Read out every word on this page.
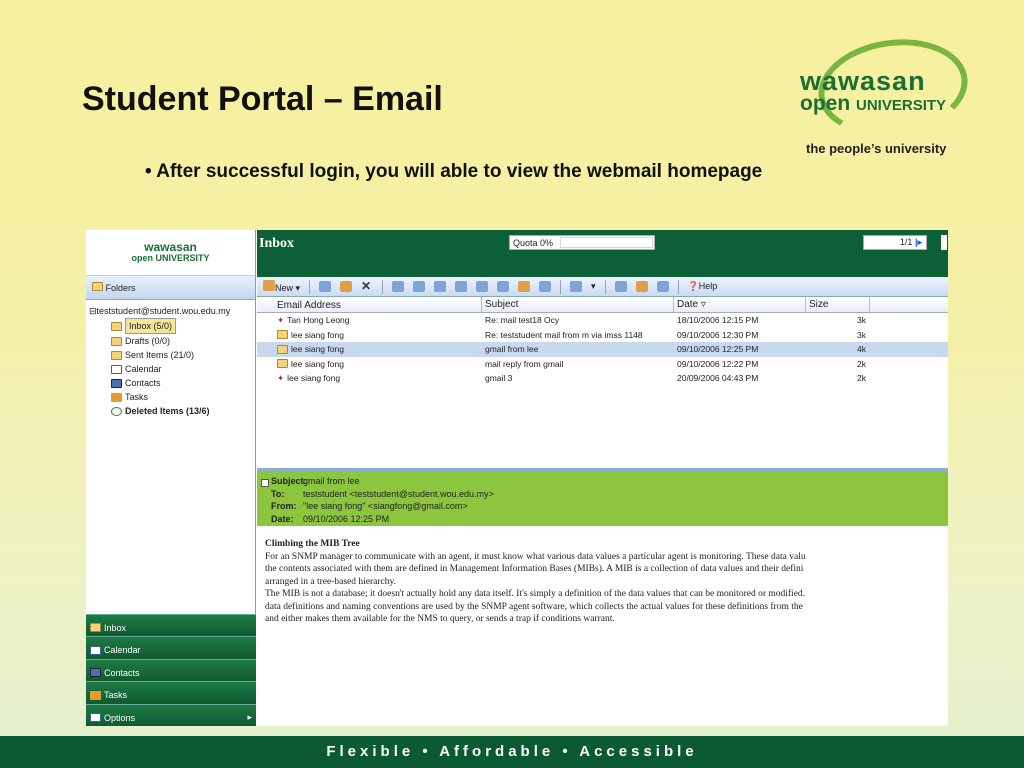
Student Portal – Email
• After successful login, you will able to view the webmail homepage
wawasan
open UNIVERSITY
the people’s university
wawasan
open UNIVERSITY
Folders
⊟teststudent@student.wou.edu.my
Inbox (5/0)
Drafts (0/0)
Sent Items (21/0)
Calendar
Contacts
Tasks
Deleted Items (13/6)
Inbox
Calendar
Contacts
Tasks
Options	▸
Inbox	Quota 0%	1/1 |▸
New ▾	✕	▾	❓Help
Email Address	Subject	Date ▿	Size
✦ Tan Hong Leong	Re: mail test18 Ocy	18/10/2006 12:15 PM	3k
lee siang fong	Re: teststudent mail from m via imss 1148	09/10/2006 12:30 PM	3k
lee siang fong	gmail from lee	09/10/2006 12:25 PM	4k
lee siang fong	mail reply from gmail	09/10/2006 12:22 PM	2k
✦ lee siang fong	gmail 3	20/09/2006 04:43 PM	2k
Subject:gmail from lee
To: teststudent <teststudent@student.wou.edu.my>
From: "lee siang fong" <siangfong@gmail.com>
Date: 09/10/2006 12:25 PM
Climbing the MIB Tree
For an SNMP manager to communicate with an agent, it must know what various data values a particular agent is monitoring. These data valu
the contents associated with them are defined in Management Information Bases (MIBs). A MIB is a collection of data values and their defini
arranged in a tree-based hierarchy.
The MIB is not a database; it doesn't actually hold any data itself. It's simply a definition of the data values that can be monitored or modified.
data definitions and naming conventions are used by the SNMP agent software, which collects the actual values for these definitions from the
and either makes them available for the NMS to query, or sends a trap if conditions warrant.
Flexible • Affordable • Accessible
